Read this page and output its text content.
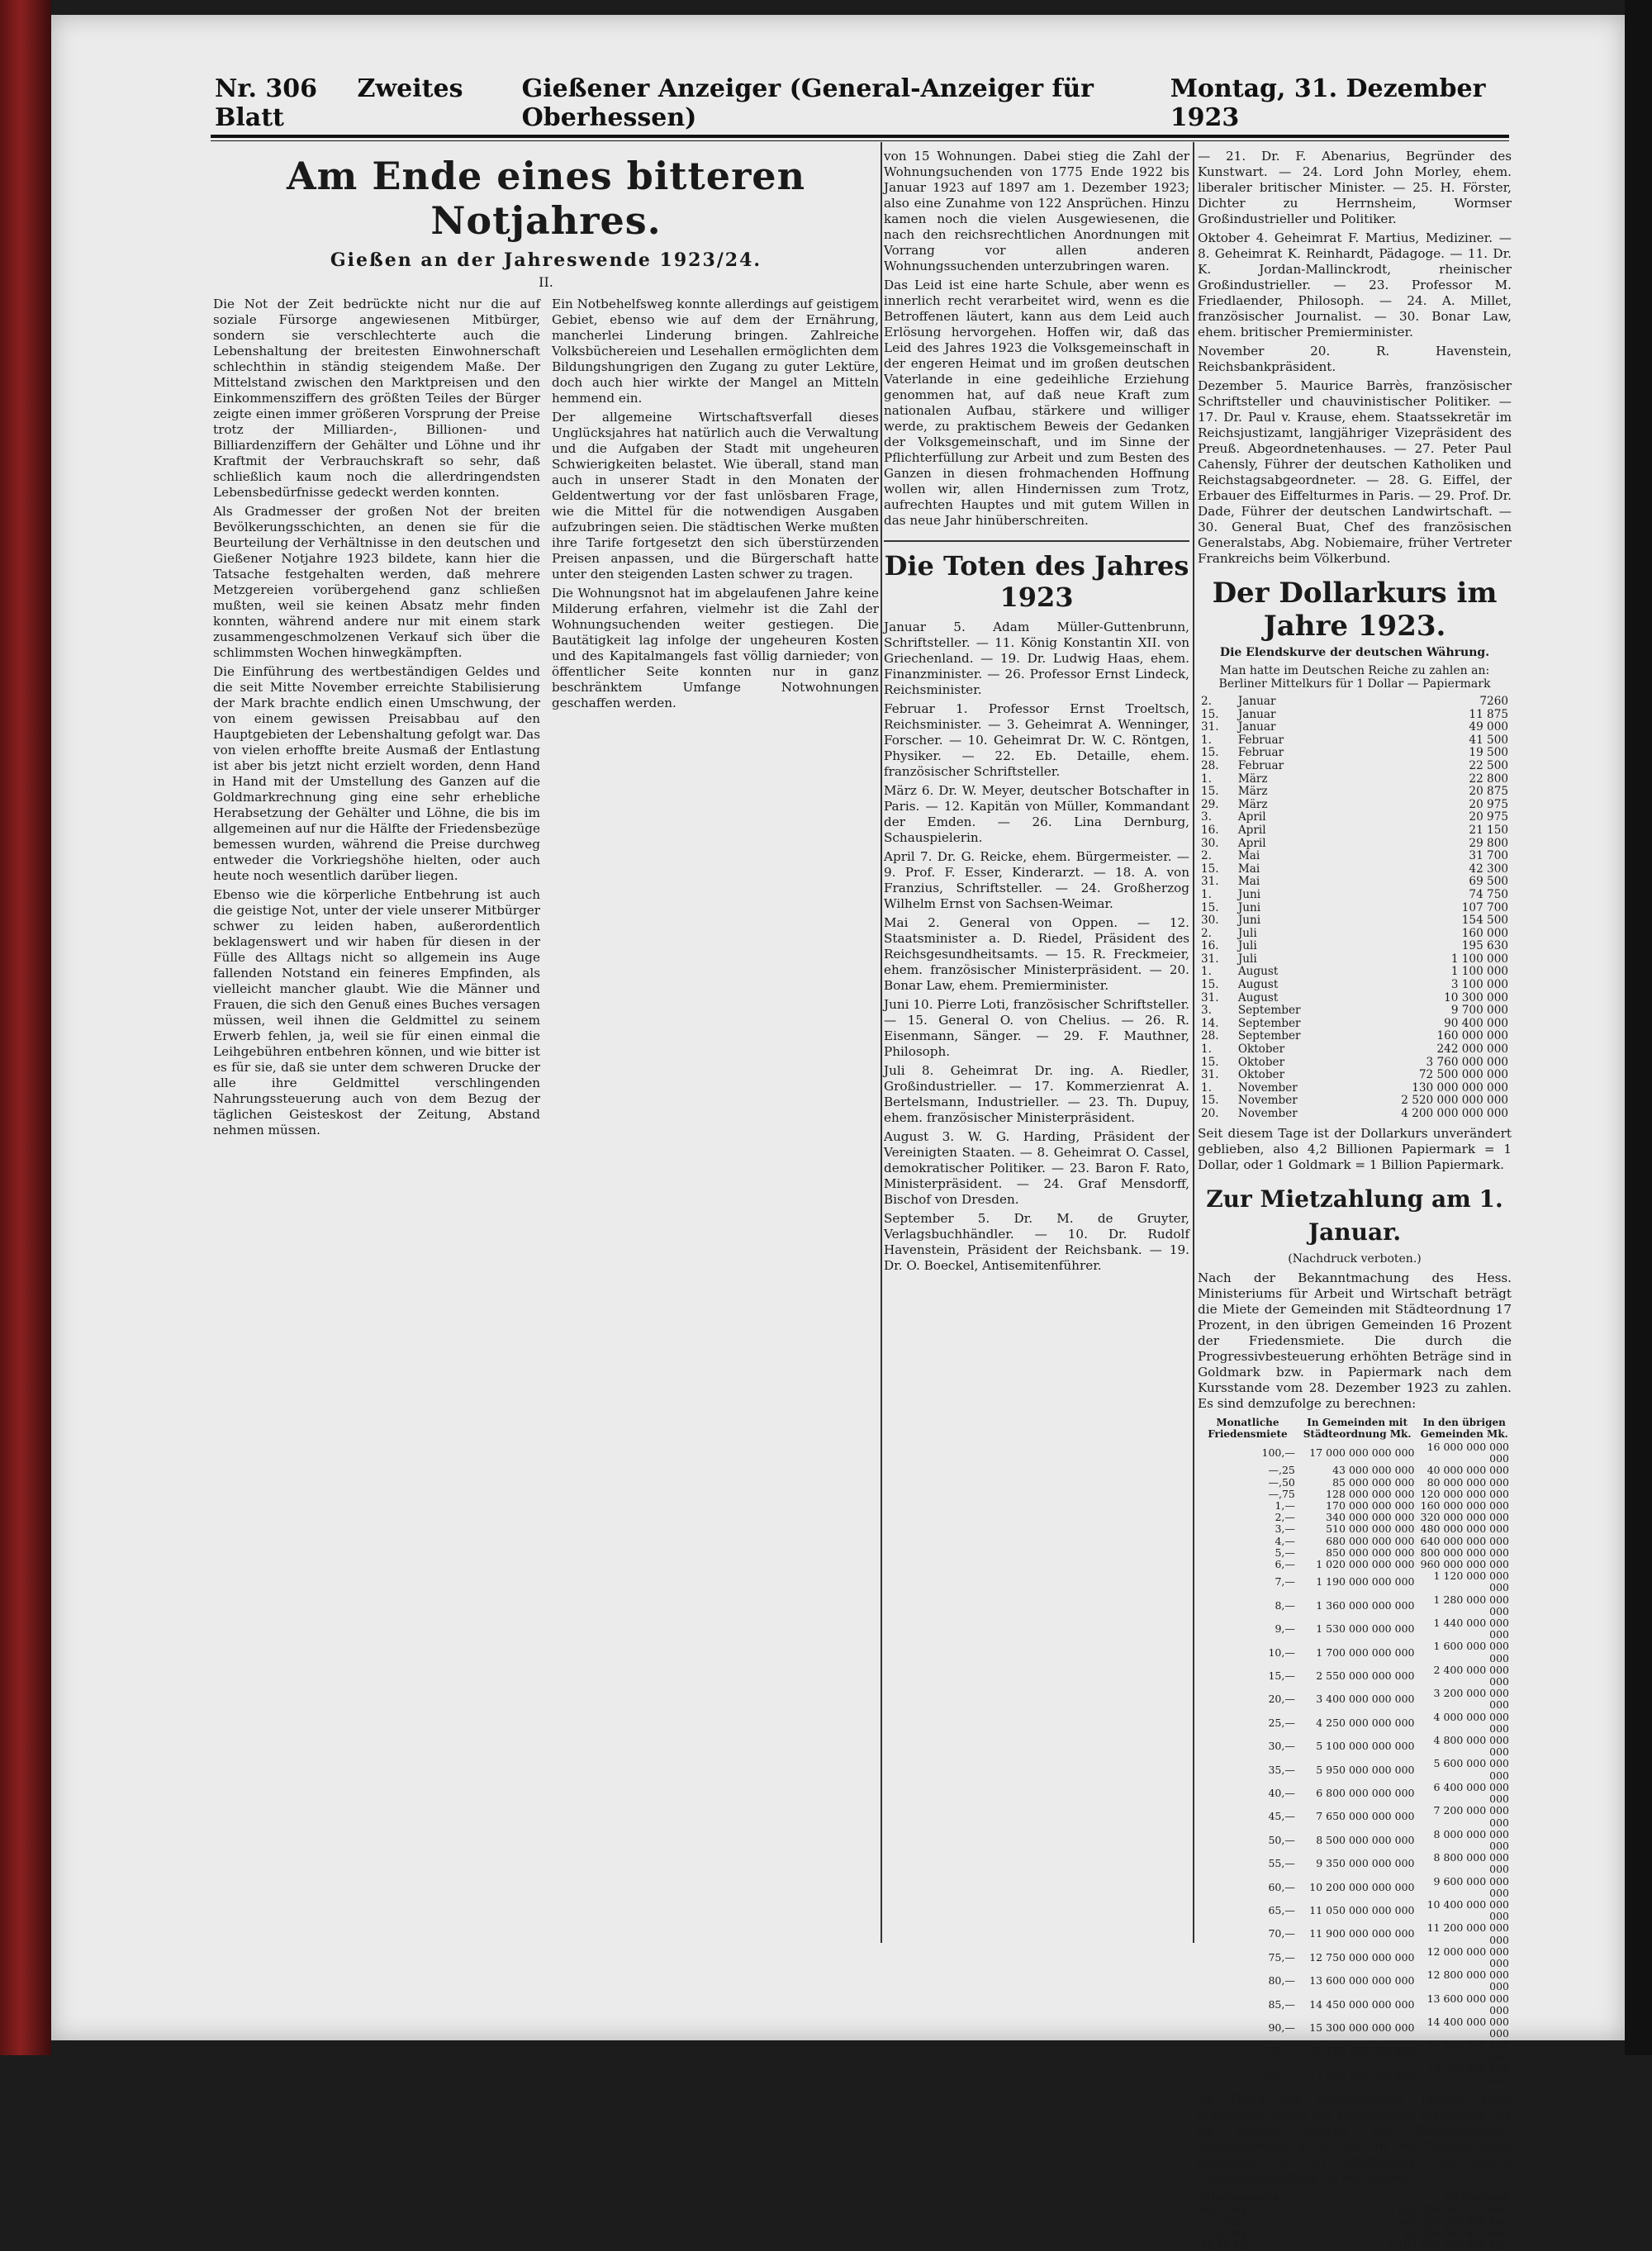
Nr. 306 Zweites Blatt
Gießener Anzeiger (General-Anzeiger für Oberhessen)
Montag, 31. Dezember 1923
Am Ende eines bitteren Notjahres.
Gießen an der Jahreswende 1923/24.
II.

Die Not der Zeit bedrückte nicht nur die auf soziale Fürsorge angewiesenen Mitbürger, sondern sie verschlechterte auch die Lebenshaltung der breitesten Einwohnerschaft schlechthin in ständig steigendem Maße. Der Mittelstand zwischen den Marktpreisen und den Einkommensziffern des größten Teiles der Bürger zeigte einen immer größeren Vorsprung der Preise trotz der Milliarden-, Billionen- und Billiardenziffern der Gehälter und Löhne und ihr Kraftmit der Verbrauchskraft so sehr, daß schließlich kaum noch die allerdringendsten Lebensbedürfnisse gedeckt werden konnten.

Als Gradmesser der großen Not der breiten Bevölkerungsschichten, an denen sie für die Beurteilung der Verhältnisse in den deutschen und Gießener Notjahre 1923 bildete, kann hier die Tatsache festgehalten werden, daß mehrere Metzgereien vorübergehend ganz schließen mußten, weil sie keinen Absatz mehr finden konnten, während andere nur mit einem stark zusammengeschmolzenen Verkauf sich über die schlimmsten Wochen hinwegkämpften.

Die Einführung des wertbeständigen Geldes und die seit Mitte November erreichte Stabilisierung der Mark brachte endlich einen Umschwung, der von einem gewissen Preisabbau auf den Hauptgebieten der Lebenshaltung gefolgt war. Das von vielen erhoffte breite Ausmaß der Entlastung ist aber bis jetzt nicht erzielt worden, denn Hand in Hand mit der Umstellung des Ganzen auf die Goldmarkrechnung ging eine sehr erhebliche Herabsetzung der Gehälter und Löhne, die bis im allgemeinen auf nur die Hälfte der Friedensbezüge bemessen wurden, während die Preise durchweg entweder die Vorkriegshöhe hielten, oder auch heute noch wesentlich darüber liegen.

Ebenso wie die körperliche Entbehrung ist auch die geistige Not, unter der viele unserer Mitbürger schwer zu leiden haben, außerordentlich beklagenswert und wir haben für diesen in der Fülle des Alltags nicht so allgemein ins Auge fallenden Notstand ein feineres Empfinden, als vielleicht mancher glaubt. Wie die Männer und Frauen, die sich den Genuß eines Buches versagen müssen, weil ihnen die Geldmittel zu seinem Erwerb fehlen, ja, weil sie für einen einmal die Leihgebühren entbehren können, und wie bitter ist es für sie, daß sie unter dem schweren Drucke der alle ihre Geldmittel verschlingenden Nahrungssteuerung auch von dem Bezug der täglichen Geisteskost der Zeitung, Abstand nehmen müssen.

Ein Notbehelfsweg konnte allerdings auf geistigem Gebiet, ebenso wie auf dem der Ernährung, mancherlei Linderung bringen. Zahlreiche Volksbüchereien und Lesehallen ermöglichten dem Bildungshungrigen den Zugang zu guter Lektüre, doch auch hier wirkte der Mangel an Mitteln hemmend ein.

Der allgemeine Wirtschaftsverfall dieses Unglücksjahres hat natürlich auch die Verwaltung und die Aufgaben der Stadt mit ungeheuren Schwierigkeiten belastet. Wie überall, stand man auch in unserer Stadt in den Monaten der Geldentwertung vor der fast unlösbaren Frage, wie die Mittel für die notwendigen Ausgaben aufzubringen seien. Die städtischen Werke mußten ihre Tarife fortgesetzt den sich überstürzenden Preisen anpassen, und die Bürgerschaft hatte unter den steigenden Lasten schwer zu tragen.

Die Wohnungsnot hat im abgelaufenen Jahre keine Milderung erfahren, vielmehr ist die Zahl der Wohnungsuchenden weiter gestiegen. Die Bautätigkeit lag infolge der ungeheuren Kosten und des Kapitalmangels fast völlig darnieder; von öffentlicher Seite konnten nur in ganz beschränktem Umfange Notwohnungen geschaffen werden.

von 15 Wohnungen. Dabei stieg die Zahl der Wohnungsuchenden von 1775 Ende 1922 bis Januar 1923 auf 1897 am 1. Dezember 1923; also eine Zunahme von 122 Ansprüchen. Hinzu kamen noch die vielen Ausgewiesenen, die nach den reichsrechtlichen Anordnungen mit Vorrang vor allen anderen Wohnungssuchenden unterzubringen waren.

Das Leid ist eine harte Schule, aber wenn es innerlich recht verarbeitet wird, wenn es die Betroffenen läutert, kann aus dem Leid auch Erlösung hervorgehen. Hoffen wir, daß das Leid des Jahres 1923 die Volksgemeinschaft in der engeren Heimat und im großen deutschen Vaterlande in eine gedeihliche Erziehung genommen hat, auf daß neue Kraft zum nationalen Aufbau, stärkere und williger werde, zu praktischem Beweis der Gedanken der Volksgemeinschaft, und im Sinne der Pflichterfüllung zur Arbeit und zum Besten des Ganzen in diesen frohmachenden Hoffnung wollen wir, allen Hindernissen zum Trotz, aufrechten Hauptes und mit gutem Willen in das neue Jahr hinüberschreiten.

Die Toten des Jahres 1923

Januar 5. Adam Müller-Guttenbrunn, Schriftsteller. — 11. König Konstantin XII. von Griechenland. — 19. Dr. Ludwig Haas, ehem. Finanzminister. — 26. Professor Ernst Lindeck, Reichsminister.

Februar 1. Professor Ernst Troeltsch, Reichsminister. — 3. Geheimrat A. Wenninger, Forscher. — 10. Geheimrat Dr. W. C. Röntgen, Physiker. — 22. Eb. Detaille, ehem. französischer Schriftsteller.

März 6. Dr. W. Meyer, deutscher Botschafter in Paris. — 12. Kapitän von Müller, Kommandant der Emden. — 26. Lina Dernburg, Schauspielerin.

April 7. Dr. G. Reicke, ehem. Bürgermeister. — 9. Prof. F. Esser, Kinderarzt. — 18. A. von Franzius, Schriftsteller. — 24. Großherzog Wilhelm Ernst von Sachsen-Weimar.

Mai 2. General von Oppen. — 12. Staatsminister a. D. Riedel, Präsident des Reichsgesundheitsamts. — 15. R. Freckmeier, ehem. französischer Ministerpräsident. — 20. Bonar Law, ehem. Premierminister.

Juni 10. Pierre Loti, französischer Schriftsteller. — 15. General O. von Chelius. — 26. R. Eisenmann, Sänger. — 29. F. Mauthner, Philosoph.

Juli 8. Geheimrat Dr. ing. A. Riedler, Großindustrieller. — 17. Kommerzienrat A. Bertelsmann, Industrieller. — 23. Th. Dupuy, ehem. französischer Ministerpräsident.

August 3. W. G. Harding, Präsident der Vereinigten Staaten. — 8. Geheimrat O. Cassel, demokratischer Politiker. — 23. Baron F. Rato, Ministerpräsident. — 24. Graf Mensdorff, Bischof von Dresden.

September 5. Dr. M. de Gruyter, Verlagsbuchhändler. — 10. Dr. Rudolf Havenstein, Präsident der Reichsbank. — 19. Dr. O. Boeckel, Antisemitenführer.

— 21. Dr. F. Abenarius, Begründer des Kunstwart. — 24. Lord John Morley, ehem. liberaler britischer Minister. — 25. H. Förster, Dichter zu Herrnsheim, Wormser Großindustrieller und Politiker.

Oktober 4. Geheimrat F. Martius, Mediziner. — 8. Geheimrat K. Reinhardt, Pädagoge. — 11. Dr. K. Jordan-Mallinckrodt, rheinischer Großindustrieller. — 23. Professor M. Friedlaender, Philosoph. — 24. A. Millet, französischer Journalist. — 30. Bonar Law, ehem. britischer Premierminister.

November 20. R. Havenstein, Reichsbankpräsident.

Dezember 5. Maurice Barrès, französischer Schriftsteller und chauvinistischer Politiker. — 17. Dr. Paul v. Krause, ehem. Staatssekretär im Reichsjustizamt, langjähriger Vizepräsident des Preuß. Abgeordnetenhauses. — 27. Peter Paul Cahensly, Führer der deutschen Katholiken und Reichstagsabgeordneter. — 28. G. Eiffel, der Erbauer des Eiffelturmes in Paris. — 29. Prof. Dr. Dade, Führer der deutschen Landwirtschaft. — 30. General Buat, Chef des französischen Generalstabs, Abg. Nobiemaire, früher Vertreter Frankreichs beim Völkerbund.

Der Dollarkurs im Jahre 1923.
Die Elendskurve der deutschen Währung.
Man hatte im Deutschen Reiche zu zahlen an: Berliner Mittelkurs für 1 Dollar — Papiermark
2.	Januar	7260
15.	Januar	11 875
31.	Januar	49 000
1.	Februar	41 500
15.	Februar	19 500
28.	Februar	22 500
1.	März	22 800
15.	März	20 875
29.	März	20 975
3.	April	20 975
16.	April	21 150
30.	April	29 800
2.	Mai	31 700
15.	Mai	42 300
31.	Mai	69 500
1.	Juni	74 750
15.	Juni	107 700
30.	Juni	154 500
2.	Juli	160 000
16.	Juli	195 630
31.	Juli	1 100 000
1.	August	1 100 000
15.	August	3 100 000
31.	August	10 300 000
3.	September	9 700 000
14.	September	90 400 000
28.	September	160 000 000
1.	Oktober	242 000 000
15.	Oktober	3 760 000 000
31.	Oktober	72 500 000 000
1.	November	130 000 000 000
15.	November	2 520 000 000 000
20.	November	4 200 000 000 000

Seit diesem Tage ist der Dollarkurs unverändert geblieben, also 4,2 Billionen Papiermark = 1 Dollar, oder 1 Goldmark = 1 Billion Papiermark.

Zur Mietzahlung am 1. Januar.
(Nachdruck verboten.)

Nach der Bekanntmachung des Hess. Ministeriums für Arbeit und Wirtschaft beträgt die Miete der Gemeinden mit Städteordnung 17 Prozent, in den übrigen Gemeinden 16 Prozent der Friedensmiete. Die durch die Progressivbesteuerung erhöhten Beträge sind in Goldmark bzw. in Papiermark nach dem Kursstande vom 28. Dezember 1923 zu zahlen. Es sind demzufolge zu berechnen:

Monatliche Friedensmiete	In Gemeinden mit Städteordnung Mk.	In den übrigen Gemeinden Mk.
100,—	17 000 000 000 000	16 000 000 000 000
—,25	43 000 000 000	40 000 000 000
—,50	85 000 000 000	80 000 000 000
—,75	128 000 000 000	120 000 000 000
1,—	170 000 000 000	160 000 000 000
2,—	340 000 000 000	320 000 000 000
3,—	510 000 000 000	480 000 000 000
4,—	680 000 000 000	640 000 000 000
5,—	850 000 000 000	800 000 000 000
6,—	1 020 000 000 000	960 000 000 000
7,—	1 190 000 000 000	1 120 000 000 000
8,—	1 360 000 000 000	1 280 000 000 000
9,—	1 530 000 000 000	1 440 000 000 000
10,—	1 700 000 000 000	1 600 000 000 000
15,—	2 550 000 000 000	2 400 000 000 000
20,—	3 400 000 000 000	3 200 000 000 000
25,—	4 250 000 000 000	4 000 000 000 000
30,—	5 100 000 000 000	4 800 000 000 000
35,—	5 950 000 000 000	5 600 000 000 000
40,—	6 800 000 000 000	6 400 000 000 000
45,—	7 650 000 000 000	7 200 000 000 000
50,—	8 500 000 000 000	8 000 000 000 000
55,—	9 350 000 000 000	8 800 000 000 000
60,—	10 200 000 000 000	9 600 000 000 000
65,—	11 050 000 000 000	10 400 000 000 000
70,—	11 900 000 000 000	11 200 000 000 000
75,—	12 750 000 000 000	12 000 000 000 000
80,—	13 600 000 000 000	12 800 000 000 000
85,—	14 450 000 000 000	13 600 000 000 000
90,—	15 300 000 000 000	14 400 000 000 000
95,—	16 150 000 000 000	15 200 000 000 000
100,—	17 000 000 000 000	16 000 000 000 000

An Hand der vorstehenden Tabelle kann jedermann leicht die Mietbeträge feststellen. Es ist genaue Betrag der Friedensmiete, beispielsweise 42,25 Mk. in der Tabelle nicht enthalten, so ist Mietbetrag, nur durch Zusammenstellung zu berechnen:

Friedensmiete:	Mietbetrag:
40,— Mk.	6 800 000 000 000 Mk.
2,— Mk.	340 000 000 000 Mk.
—,25 Mk.	43 000 000 000 Mk.
42,25 Mk.	7 183 000 000 000 Mk.
